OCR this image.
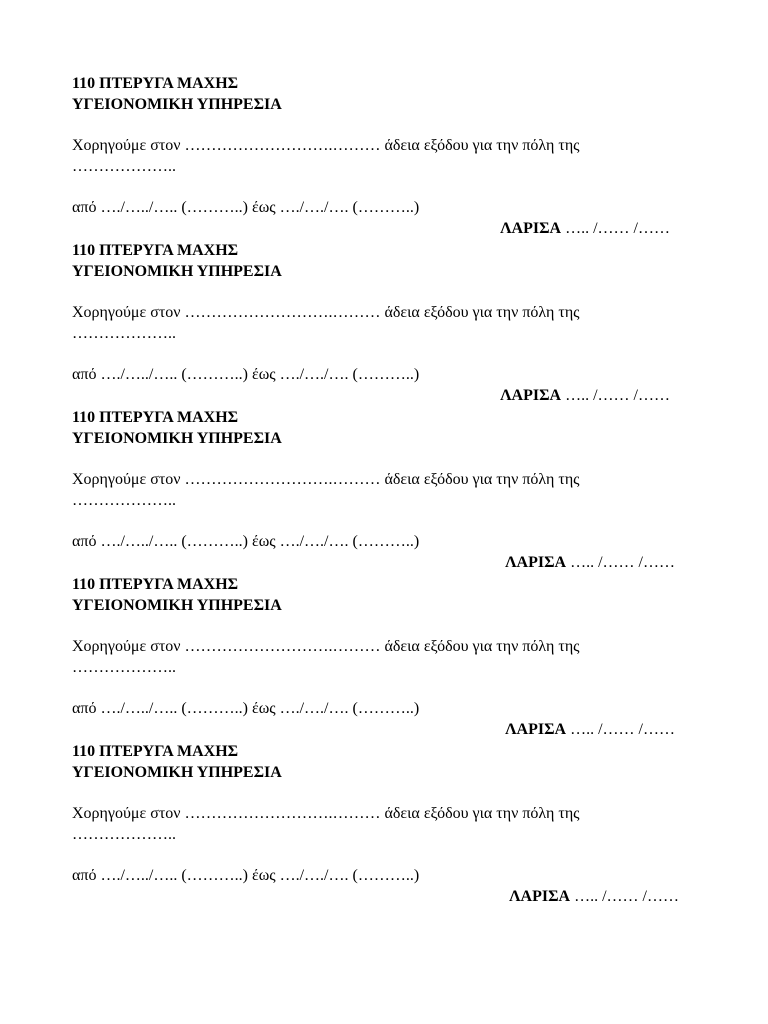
110 ΠΤΕΡΥΓΑ ΜΑΧΗΣ
ΥΓΕΙΟΝΟΜΙΚΗ ΥΠΗΡΕΣΙΑ
Χορηγούμε στον ……………………….……… άδεια εξόδου για την πόλη της
………………..
από …./…../….. (………..) έως …./…./…. (………..)
ΛΑΡΙΣΑ ….. /…… /……
110 ΠΤΕΡΥΓΑ ΜΑΧΗΣ
ΥΓΕΙΟΝΟΜΙΚΗ ΥΠΗΡΕΣΙΑ
Χορηγούμε στον ……………………….……… άδεια εξόδου για την πόλη της
………………..
από …./…../….. (………..) έως …./…./…. (………..)
ΛΑΡΙΣΑ ….. /…… /……
110 ΠΤΕΡΥΓΑ ΜΑΧΗΣ
ΥΓΕΙΟΝΟΜΙΚΗ ΥΠΗΡΕΣΙΑ
Χορηγούμε στον ……………………….……… άδεια εξόδου για την πόλη της
………………..
από …./…../….. (………..) έως …./…./…. (………..)
ΛΑΡΙΣΑ ….. /…… /……
110 ΠΤΕΡΥΓΑ ΜΑΧΗΣ
ΥΓΕΙΟΝΟΜΙΚΗ ΥΠΗΡΕΣΙΑ
Χορηγούμε στον ……………………….……… άδεια εξόδου για την πόλη της
………………..
από …./…../….. (………..) έως …./…./…. (………..)
ΛΑΡΙΣΑ ….. /…… /……
110 ΠΤΕΡΥΓΑ ΜΑΧΗΣ
ΥΓΕΙΟΝΟΜΙΚΗ ΥΠΗΡΕΣΙΑ
Χορηγούμε στον ……………………….……… άδεια εξόδου για την πόλη της
………………..
από …./…../….. (………..) έως …./…./…. (………..)
ΛΑΡΙΣΑ ….. /…… /……
